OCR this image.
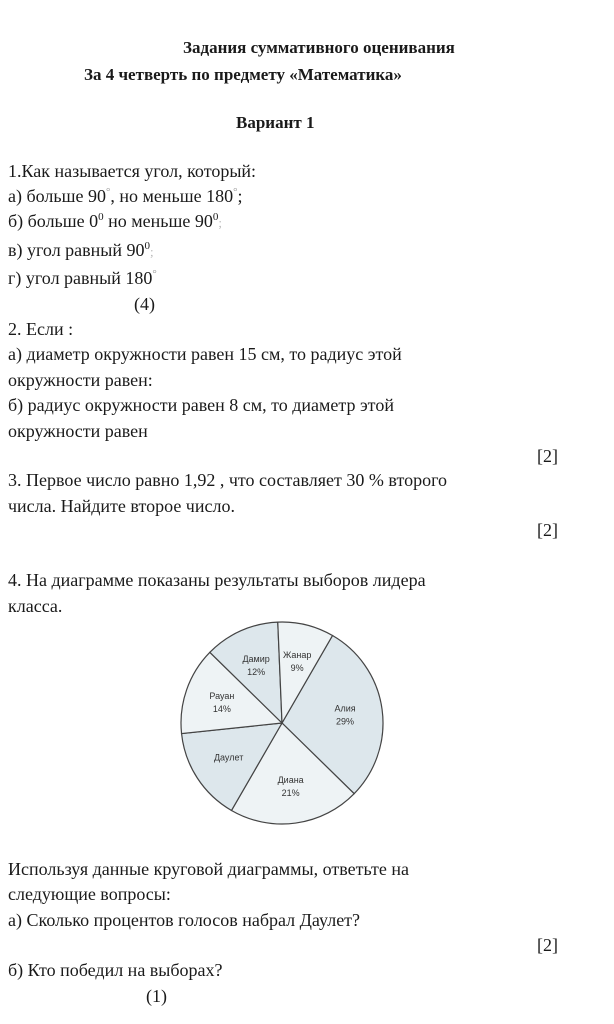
Задания суммативного оценивания
За 4 четверть по предмету «Математика»
Вариант 1
1.Как называется угол, который:
а) больше 90°, но меньше 180°;
б) больше $0^0$ но меньше $90^0$;
в) угол равный $90^0$;
г) угол равный 180°
(4)
2. Если :
а) диаметр окружности равен 15 см, то радиус этой
окружности равен:
б) радиус окружности равен 8 см, то диаметр этой
окружности равен
[2]
3. Первое число равно 1,92 , что составляет 30 % второго
числа. Найдите второе число.
[2]
4. На диаграмме показаны результаты выборов лидера
класса.
Алия
29%
Диана
21%
Даулет
Рауан
14%
Дамир
12%
Жанар
9%
Используя данные круговой диаграммы, ответьте на
следующие вопросы:
а) Сколько процентов голосов набрал Даулет?
[2]
б) Кто победил на выборах?
(1)
